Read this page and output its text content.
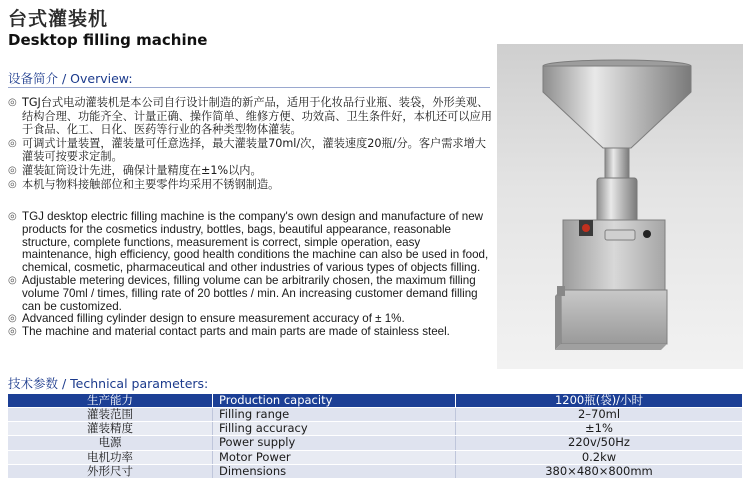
台式灌装机
Desktop filling machine
设备简介 / Overview:

◎ TGJ台式电动灌装机是本公司自行设计制造的新产品，适用于化妆品行业瓶、装袋，外形美观、结构合理、功能齐全、计量正确、操作简单、维修方便、功效高、卫生条件好，本机还可以应用于食品、化工、日化、医药等行业的各种类型物体灌装。

◎ 可调式计量装置，灌装量可任意选择，最大灌装量70ml/次，灌装速度20瓶/分。客户需求增大灌装可按要求定制。

◎ 灌装缸筒设计先进，确保计量精度在±1%以内。

◎ 本机与物料接触部位和主要零件均采用不锈钢制造。

◎ TGJ desktop electric filling machine is the company's own design and manufacture of new products for the cosmetics industry, bottles, bags, beautiful appearance, reasonable structure, complete functions, measurement is correct, simple operation, easy maintenance, high efficiency, good health conditions the machine can also be used in food, chemical, cosmetic, pharmaceutical and other industries of various types of objects filling.

◎ Adjustable metering devices, filling volume can be arbitrarily chosen, the maximum filling volume 70ml / times, filling rate of 20 bottles / min. An increasing customer demand filling can be customized.

◎ Advanced filling cylinder design to ensure measurement accuracy of ± 1%.

◎ The machine and material contact parts and main parts are made of stainless steel.

技术参数 / Technical parameters:
生产能力	Production capacity	1200瓶(袋)/小时
灌装范围	Filling range	2–70ml
灌装精度	Filling accuracy	±1%
电源	Power supply	220v/50Hz
电机功率	Motor Power	0.2kw
外形尺寸	Dimensions	380×480×800mm
